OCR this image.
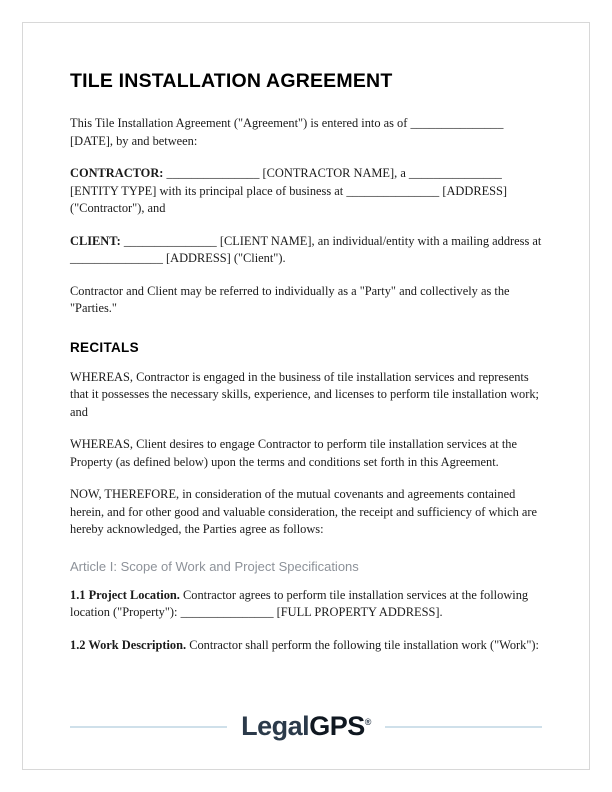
TILE INSTALLATION AGREEMENT

This Tile Installation Agreement ("Agreement") is entered into as of _______________ [DATE], by and between:

CONTRACTOR: _______________ [CONTRACTOR NAME], a _______________ [ENTITY TYPE] with its principal place of business at _______________ [ADDRESS] ("Contractor"), and

CLIENT: _______________ [CLIENT NAME], an individual/entity with a mailing address at _______________ [ADDRESS] ("Client").

Contractor and Client may be referred to individually as a "Party" and collectively as the "Parties."

RECITALS

WHEREAS, Contractor is engaged in the business of tile installation services and represents that it possesses the necessary skills, experience, and licenses to perform tile installation work; and

WHEREAS, Client desires to engage Contractor to perform tile installation services at the Property (as defined below) upon the terms and conditions set forth in this Agreement.

NOW, THEREFORE, in consideration of the mutual covenants and agreements contained herein, and for other good and valuable consideration, the receipt and sufficiency of which are hereby acknowledged, the Parties agree as follows:

Article I: Scope of Work and Project Specifications

1.1 Project Location. Contractor agrees to perform tile installation services at the following location ("Property"): _______________ [FULL PROPERTY ADDRESS].

1.2 Work Description. Contractor shall perform the following tile installation work ("Work"):

LegalGPS®
